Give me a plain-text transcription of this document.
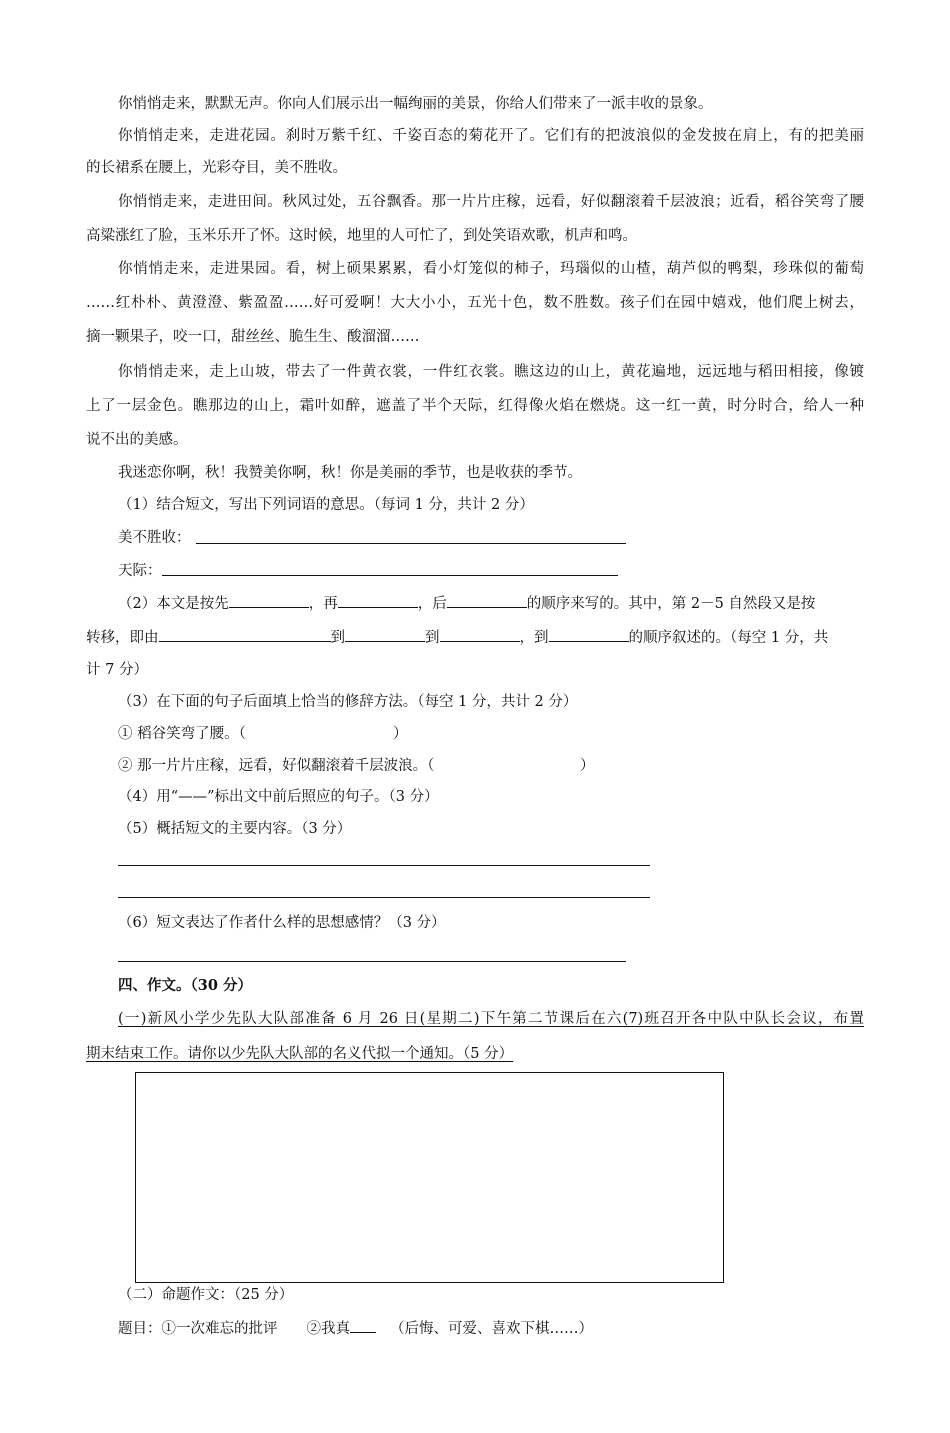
你悄悄走来，默默无声。你向人们展示出一幅绚丽的美景，你给人们带来了一派丰收的景象。
你悄悄走来，走进花园。刹时万紫千红、千姿百态的菊花开了。它们有的把波浪似的金发披在肩上，有的把美丽
的长裙系在腰上，光彩夺目，美不胜收。
你悄悄走来，走进田间。秋风过处，五谷飘香。那一片片庄稼，远看，好似翻滚着千层波浪；近看，稻谷笑弯了腰
高粱涨红了脸，玉米乐开了怀。这时候，地里的人可忙了，到处笑语欢歌，机声和鸣。
你悄悄走来，走进果园。看，树上硕果累累，看小灯笼似的柿子，玛瑙似的山楂，葫芦似的鸭梨，珍珠似的葡萄
……红朴朴、黄澄澄、紫盈盈……好可爱啊！大大小小，五光十色，数不胜数。孩子们在园中嬉戏，他们爬上树去，
摘一颗果子，咬一口，甜丝丝、脆生生、酸溜溜……
你悄悄走来，走上山坡，带去了一件黄衣裳，一件红衣裳。瞧这边的山上，黄花遍地，远远地与稻田相接，像镀
上了一层金色。瞧那边的山上，霜叶如醉，遮盖了半个天际，红得像火焰在燃烧。这一红一黄，时分时合，给人一种
说不出的美感。
我迷恋你啊，秋！我赞美你啊，秋！你是美丽的季节，也是收获的季节。
（1）结合短文，写出下列词语的意思。（每词 1 分，共计 2 分）
美不胜收：
天际：
（2）本文是按先	，再	，后	的顺序来写的。其中，第 2－5 自然段又是按
转移，即由	到	到	，到	的顺序叙述的。（每空 1 分，共
计 7 分）
（3）在下面的句子后面填上恰当的修辞方法。（每空 1 分，共计 2 分）
① 稻谷笑弯了腰。（	）
② 那一片片庄稼，远看，好似翻滚着千层波浪。（	）
（4）用“——”标出文中前后照应的句子。（3 分）
（5）概括短文的主要内容。（3 分）
（6）短文表达了作者什么样的思想感情？（3 分）
四、作文。（30 分）
(一)新风小学少先队大队部准备 6 月 26 日(星期二)下午第二节课后在六(7)班召开各中队中队长会议，布置
期末结束工作。请你以少先队大队部的名义代拟一个通知。（5 分）
（二）命题作文：（25 分）
题目：①一次难忘的批评　　②我真	（后悔、可爱、喜欢下棋……）
